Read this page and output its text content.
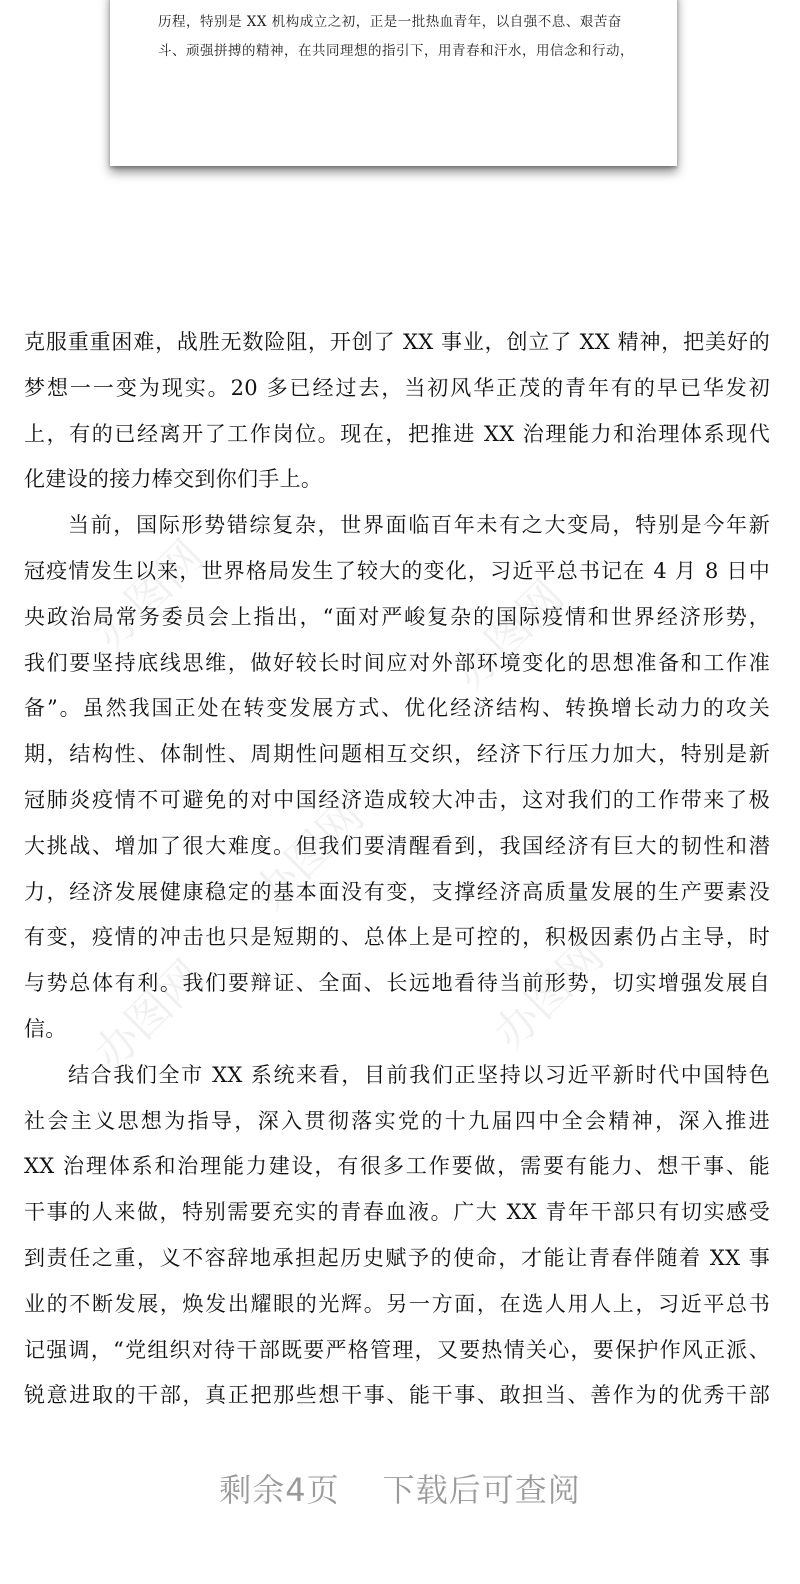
历程，特别是 XX 机构成立之初，正是一批热血青年，以自强不息、艰苦奋

斗、顽强拼搏的精神，在共同理想的指引下，用青春和汗水，用信念和行动，

办图网	办图网
办图网
办图网	办图网
克服重重困难，战胜无数险阻，开创了 XX 事业，创立了 XX 精神，把美好的
梦想一一变为现实。20 多已经过去，当初风华正茂的青年有的早已华发初
上，有的已经离开了工作岗位。现在，把推进 XX 治理能力和治理体系现代
化建设的接力棒交到你们手上。
当前，国际形势错综复杂，世界面临百年未有之大变局，特别是今年新
冠疫情发生以来，世界格局发生了较大的变化，习近平总书记在 4 月 8 日中
央政治局常务委员会上指出，“面对严峻复杂的国际疫情和世界经济形势，
我们要坚持底线思维，做好较长时间应对外部环境变化的思想准备和工作准
备”。虽然我国正处在转变发展方式、优化经济结构、转换增长动力的攻关
期，结构性、体制性、周期性问题相互交织，经济下行压力加大，特别是新
冠肺炎疫情不可避免的对中国经济造成较大冲击，这对我们的工作带来了极
大挑战、增加了很大难度。但我们要清醒看到，我国经济有巨大的韧性和潜
力，经济发展健康稳定的基本面没有变，支撑经济高质量发展的生产要素没
有变，疫情的冲击也只是短期的、总体上是可控的，积极因素仍占主导，时
与势总体有利。我们要辩证、全面、长远地看待当前形势，切实增强发展自
信。
结合我们全市 XX 系统来看，目前我们正坚持以习近平新时代中国特色
社会主义思想为指导，深入贯彻落实党的十九届四中全会精神，深入推进
XX 治理体系和治理能力建设，有很多工作要做，需要有能力、想干事、能
干事的人来做，特别需要充实的青春血液。广大 XX 青年干部只有切实感受
到责任之重，义不容辞地承担起历史赋予的使命，才能让青春伴随着 XX 事
业的不断发展，焕发出耀眼的光辉。另一方面，在选人用人上，习近平总书
记强调，“党组织对待干部既要严格管理，又要热情关心，要保护作风正派、
锐意进取的干部，真正把那些想干事、能干事、敢担当、善作为的优秀干部
剩余4页 下载后可查阅
